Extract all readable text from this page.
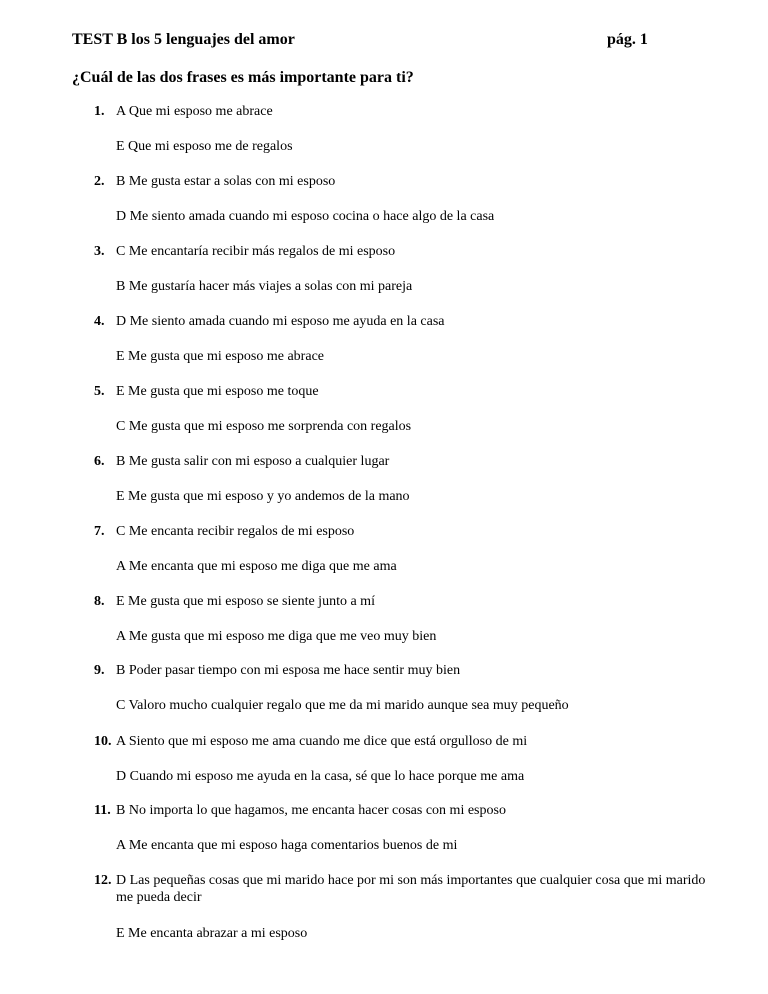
TEST B los 5 lenguajes del amor	pág. 1
¿Cuál de las dos frases es más importante para ti?
1. A Que mi esposo me abrace
E Que mi esposo me de regalos
2. B Me gusta estar a solas con mi esposo
D Me siento amada cuando mi esposo cocina o hace algo de la casa
3. C Me encantaría recibir más regalos de mi esposo
B Me gustaría hacer más viajes a solas con mi pareja
4. D Me siento amada cuando mi esposo me ayuda en la casa
E Me gusta que mi esposo me abrace
5. E Me gusta que mi esposo me toque
C Me gusta que mi esposo me sorprenda con regalos
6. B Me gusta salir con mi esposo a cualquier lugar
E Me gusta que mi esposo y yo andemos de la mano
7. C Me encanta recibir regalos de mi esposo
A Me encanta que mi esposo me diga que me ama
8. E Me gusta que mi esposo se siente junto a mí
A Me gusta que mi esposo me diga que me veo muy bien
9. B Poder pasar tiempo con mi esposa me hace sentir muy bien
C Valoro mucho cualquier regalo que me da mi marido aunque sea muy pequeño
10. A Siento que mi esposo me ama cuando me dice que está orgulloso de mi
D Cuando mi esposo me ayuda en la casa, sé que lo hace porque me ama
11. B No importa lo que hagamos, me encanta hacer cosas con mi esposo
A Me encanta que mi esposo haga comentarios buenos de mi
12. D Las pequeñas cosas que mi marido hace por mi son más importantes que cualquier cosa que mi marido me pueda decir
E Me encanta abrazar a mi esposo
